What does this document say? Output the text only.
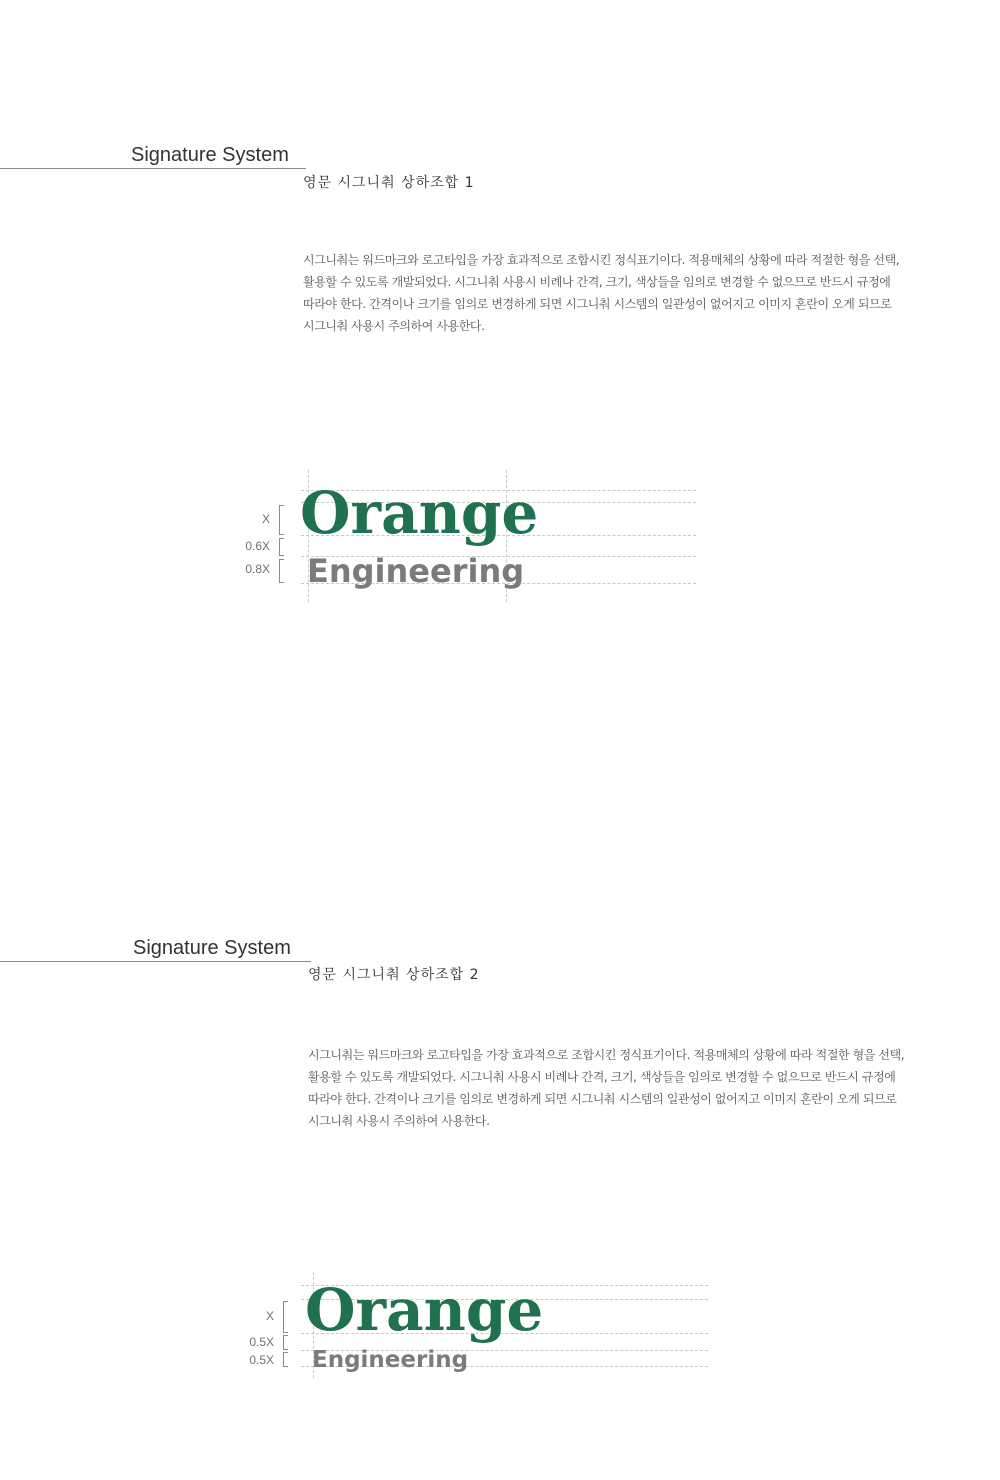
Signature System
영문 시그니춰 상하조합 1

시그니춰는 워드마크와 로고타입을 가장 효과적으로 조합시킨 정식표기이다. 적용매체의 상황에 따라 적절한 형을 선택,

활용할 수 있도록 개발되었다. 시그니춰 사용시 비례나 간격, 크기, 색상들을 임의로 변경할 수 없으므로 반드시 규정에

따라야 한다. 간격이나 크기를 임의로 변경하게 되면 시그니춰 시스템의 일관성이 없어지고 이미지 혼란이 오게 되므로

시그니춰 사용시 주의하여 사용한다.

Orange
Engineering
X
0.6X
0.8X
Signature System
영문 시그니춰 상하조합 2

시그니춰는 워드마크와 로고타입을 가장 효과적으로 조합시킨 정식표기이다. 적용매체의 상황에 따라 적절한 형을 선택,

활용할 수 있도록 개발되었다. 시그니춰 사용시 비례나 간격, 크기, 색상들을 임의로 변경할 수 없으므로 반드시 규정에

따라야 한다. 간격이나 크기를 임의로 변경하게 되면 시그니춰 시스템의 일관성이 없어지고 이미지 혼란이 오게 되므로

시그니춰 사용시 주의하여 사용한다.

Orange
Engineering
X
0.5X
0.5X
